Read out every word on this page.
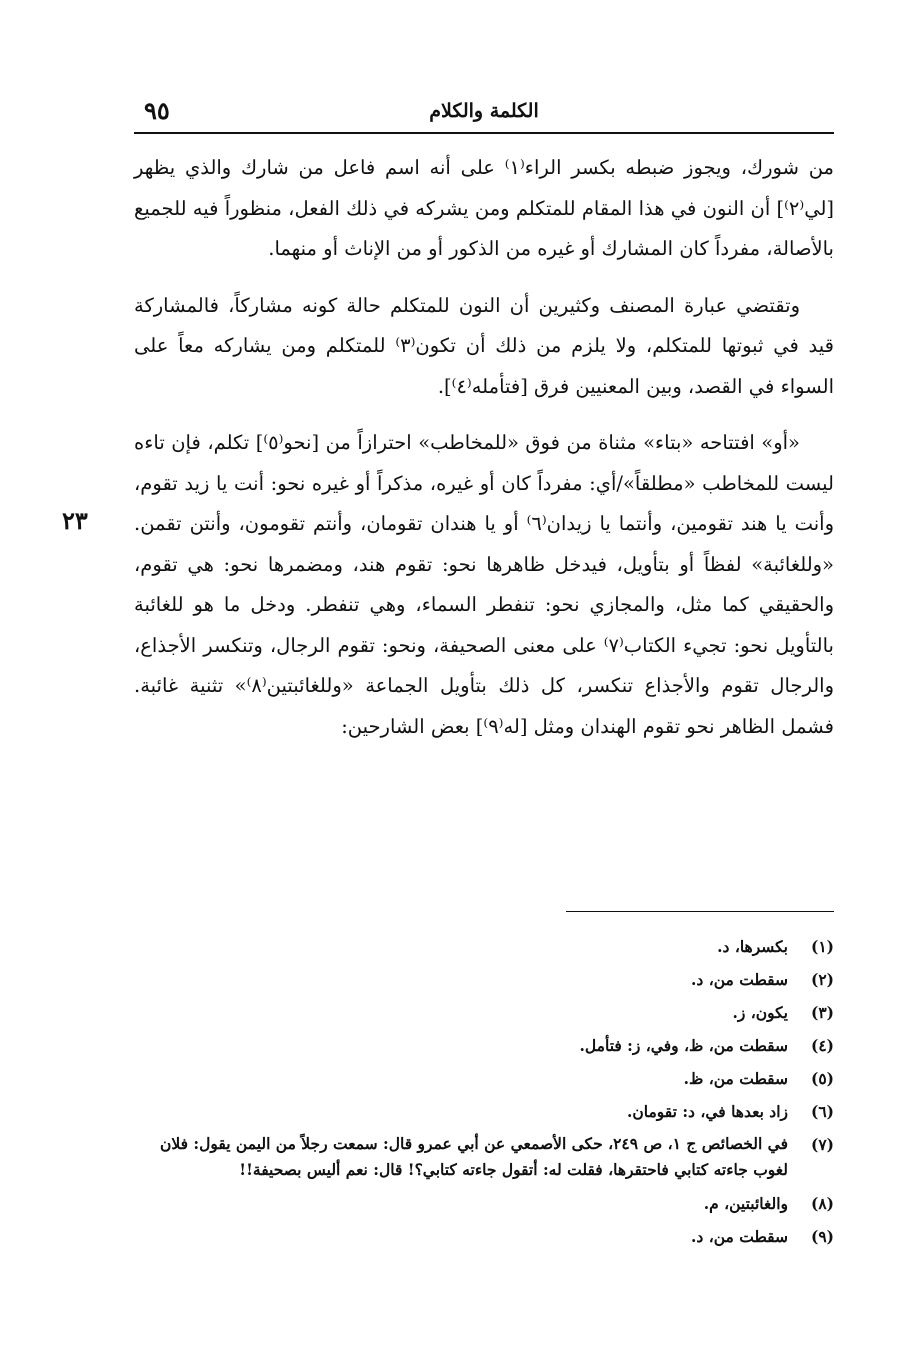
٩٥	الكلمة والكلام
٢٣

من شورك، ويجوز ضبطه بكسر الراء⁽١⁾ على أنه اسم فاعل من شارك والذي يظهر [لي⁽٢⁾] أن النون في هذا المقام للمتكلم ومن يشركه في ذلك الفعل، منظوراً فيه للجميع بالأصالة، مفرداً كان المشارك أو غيره من الذكور أو من الإناث أو منهما.

وتقتضي عبارة المصنف وكثيرين أن النون للمتكلم حالة كونه مشاركاً، فالمشاركة قيد في ثبوتها للمتكلم، ولا يلزم من ذلك أن تكون⁽٣⁾ للمتكلم ومن يشاركه معاً على السواء في القصد، وبين المعنيين فرق [فتأمله⁽٤⁾].

«أو» افتتاحه «بتاء» مثناة من فوق «للمخاطب» احترازاً من [نحو⁽٥⁾] تكلم، فإن تاءه ليست للمخاطب «مطلقاً»/أي: مفرداً كان أو غيره، مذكراً أو غيره نحو: أنت يا زيد تقوم، وأنت يا هند تقومين، وأنتما يا زيدان⁽٦⁾ أو يا هندان تقومان، وأنتم تقومون، وأنتن تقمن. «وللغائبة» لفظاً أو بتأويل، فيدخل ظاهرها نحو: تقوم هند، ومضمرها نحو: هي تقوم، والحقيقي كما مثل، والمجازي نحو: تنفطر السماء، وهي تنفطر. ودخل ما هو للغائبة بالتأويل نحو: تجيء الكتاب⁽٧⁾ على معنى الصحيفة، ونحو: تقوم الرجال، وتنكسر الأجذاع، والرجال تقوم والأجذاع تنكسر، كل ذلك بتأويل الجماعة «وللغائبتين⁽٨⁾» تثنية غائبة. فشمل الظاهر نحو تقوم الهندان ومثل [له⁽٩⁾] بعض الشارحين:

(١)
بكسرها، د.
(٢)
سقطت من، د.
(٣)
يكون، ز.
(٤)
سقطت من، ظ، وفي، ز: فتأمل.
(٥)
سقطت من، ظ.
(٦)
زاد بعدها في، د: تقومان.
(٧)
في الخصائص ج ١، ص ٢٤٩، حكى الأصمعي عن أبي عمرو قال: سمعت رجلاً من اليمن يقول: فلان لغوب جاءته كتابي فاحتقرها، فقلت له: أتقول جاءته كتابي؟! قال: نعم أليس بصحيفة!!
(٨)
والغائبتين، م.
(٩)
سقطت من، د.
